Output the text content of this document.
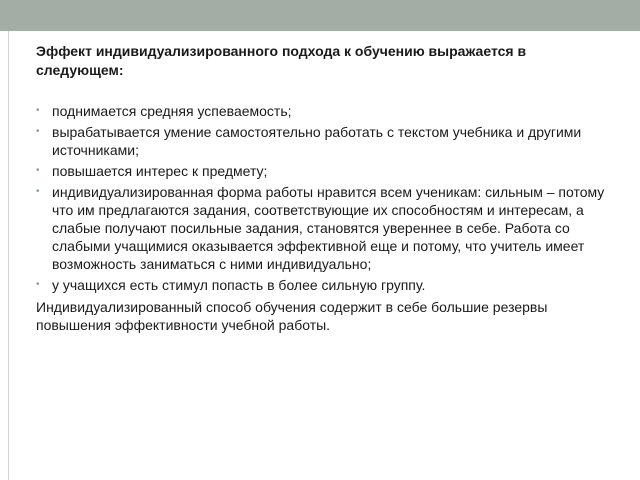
Эффект индивидуализированного подхода к обучению выражается в следующем:

• поднимается средняя успеваемость;
• вырабатывается умение самостоятельно работать с текстом учебника и другими источниками;
• повышается интерес к предмету;
• индивидуализированная форма работы нравится всем ученикам: сильным – потому что им предлагаются задания, соответствующие их способностям и интересам, а слабые получают посильные задания, становятся увереннее в себе. Работа со слабыми учащимися оказывается эффективной еще и потому, что учитель имеет возможность заниматься с ними индивидуально;
• у учащихся есть стимул попасть в более сильную группу.

Индивидуализированный способ обучения содержит в себе большие резервы повышения эффективности учебной работы.
